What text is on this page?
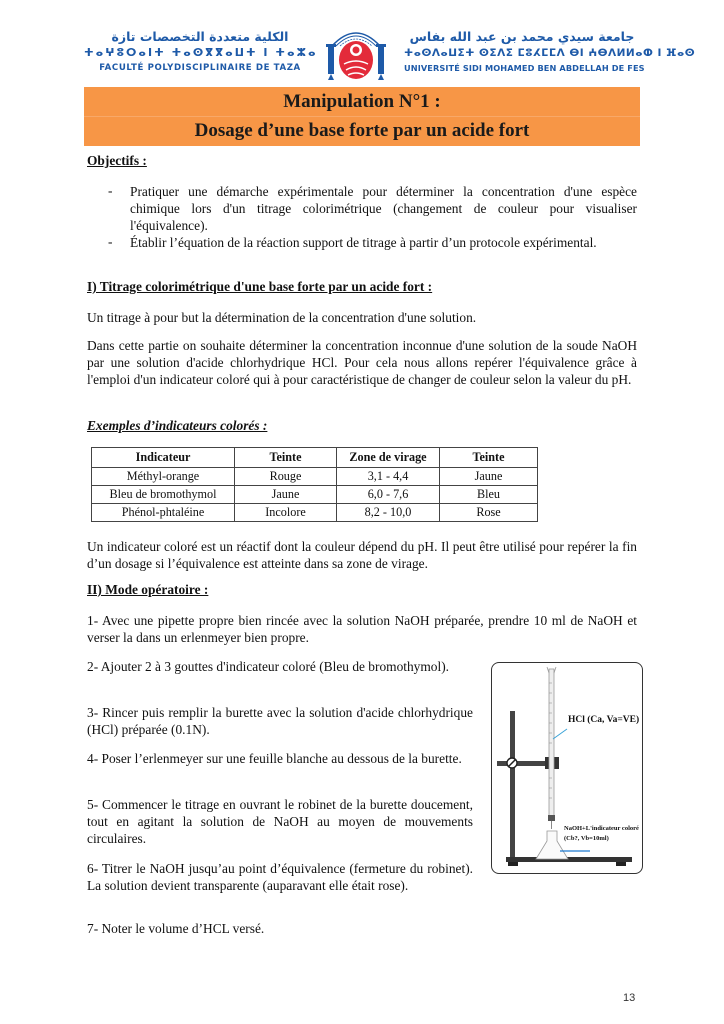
الكلية متعددة التخصصات تازة
ⵜⴰⵖⵓⵔⴰⵏⵜ ⵜⴰⵙⴳⴳⴰⵡⵜ ⵏ ⵜⴰⵣⴰ
FACULTÉ POLYDISCIPLINAIRE DE TAZA
جامعة سيدي محمد بن عبد الله بفاس
ⵜⴰⵙⴷⴰⵡⵉⵜ ⵙⵉⴷⵉ ⵎⵓⵃⵎⵎⴷ ⴱⵏ ⵄⴱⴷⵍⵍⴰⵀ ⵏ ⴼⴰⵙ
UNIVERSITÉ SIDI MOHAMED BEN ABDELLAH DE FES
Manipulation N°1 :
Dosage d’une base forte par un acide fort
Objectifs :
- Pratiquer une démarche expérimentale pour déterminer la concentration d'une espèce chimique lors d'un titrage colorimétrique (changement de couleur pour visualiser l'équivalence).
- Établir l’équation de la réaction support de titrage à partir d’un protocole expérimental.
I) Titrage colorimétrique d'une base forte par un acide fort :
Un titrage à pour but la détermination de la concentration d'une solution.
Dans cette partie on souhaite déterminer la concentration inconnue d'une solution de la soude NaOH par une solution d'acide chlorhydrique HCl. Pour cela nous allons repérer l'équivalence grâce à l'emploi d'un indicateur coloré qui à pour caractéristique de changer de couleur selon la valeur du pH.
Exemples d’indicateurs colorés :
Indicateur	Teinte	Zone de virage	Teinte
Méthyl-orange	Rouge	3,1 - 4,4	Jaune
Bleu de bromothymol	Jaune	6,0 - 7,6	Bleu
Phénol-phtaléine	Incolore	8,2 - 10,0	Rose
Un indicateur coloré est un réactif dont la couleur dépend du pH. Il peut être utilisé pour repérer la fin d’un dosage si l’équivalence est atteinte dans sa zone de virage.
II) Mode opératoire :
1- Avec une pipette propre bien rincée avec la solution NaOH préparée, prendre 10 ml de NaOH et verser la dans un erlenmeyer bien propre.
2- Ajouter 2 à 3 gouttes d'indicateur coloré (Bleu de bromothymol).
3- Rincer puis remplir la burette avec la solution d'acide chlorhydrique (HCl) préparée (0.1N).
4- Poser l’erlenmeyer sur une feuille blanche au dessous de la burette.
5- Commencer le titrage en ouvrant le robinet de la burette doucement, tout en agitant la solution de NaOH au moyen de mouvements circulaires.
6- Titrer le NaOH jusqu’au point d’équivalence (fermeture du robinet). La solution devient transparente (auparavant elle était rose).
7- Noter le volume d’HCL versé.
HCl (Ca, Va=VE)
NaOH+L'indicateur coloré
(Cb?, Vb=10ml)
13
